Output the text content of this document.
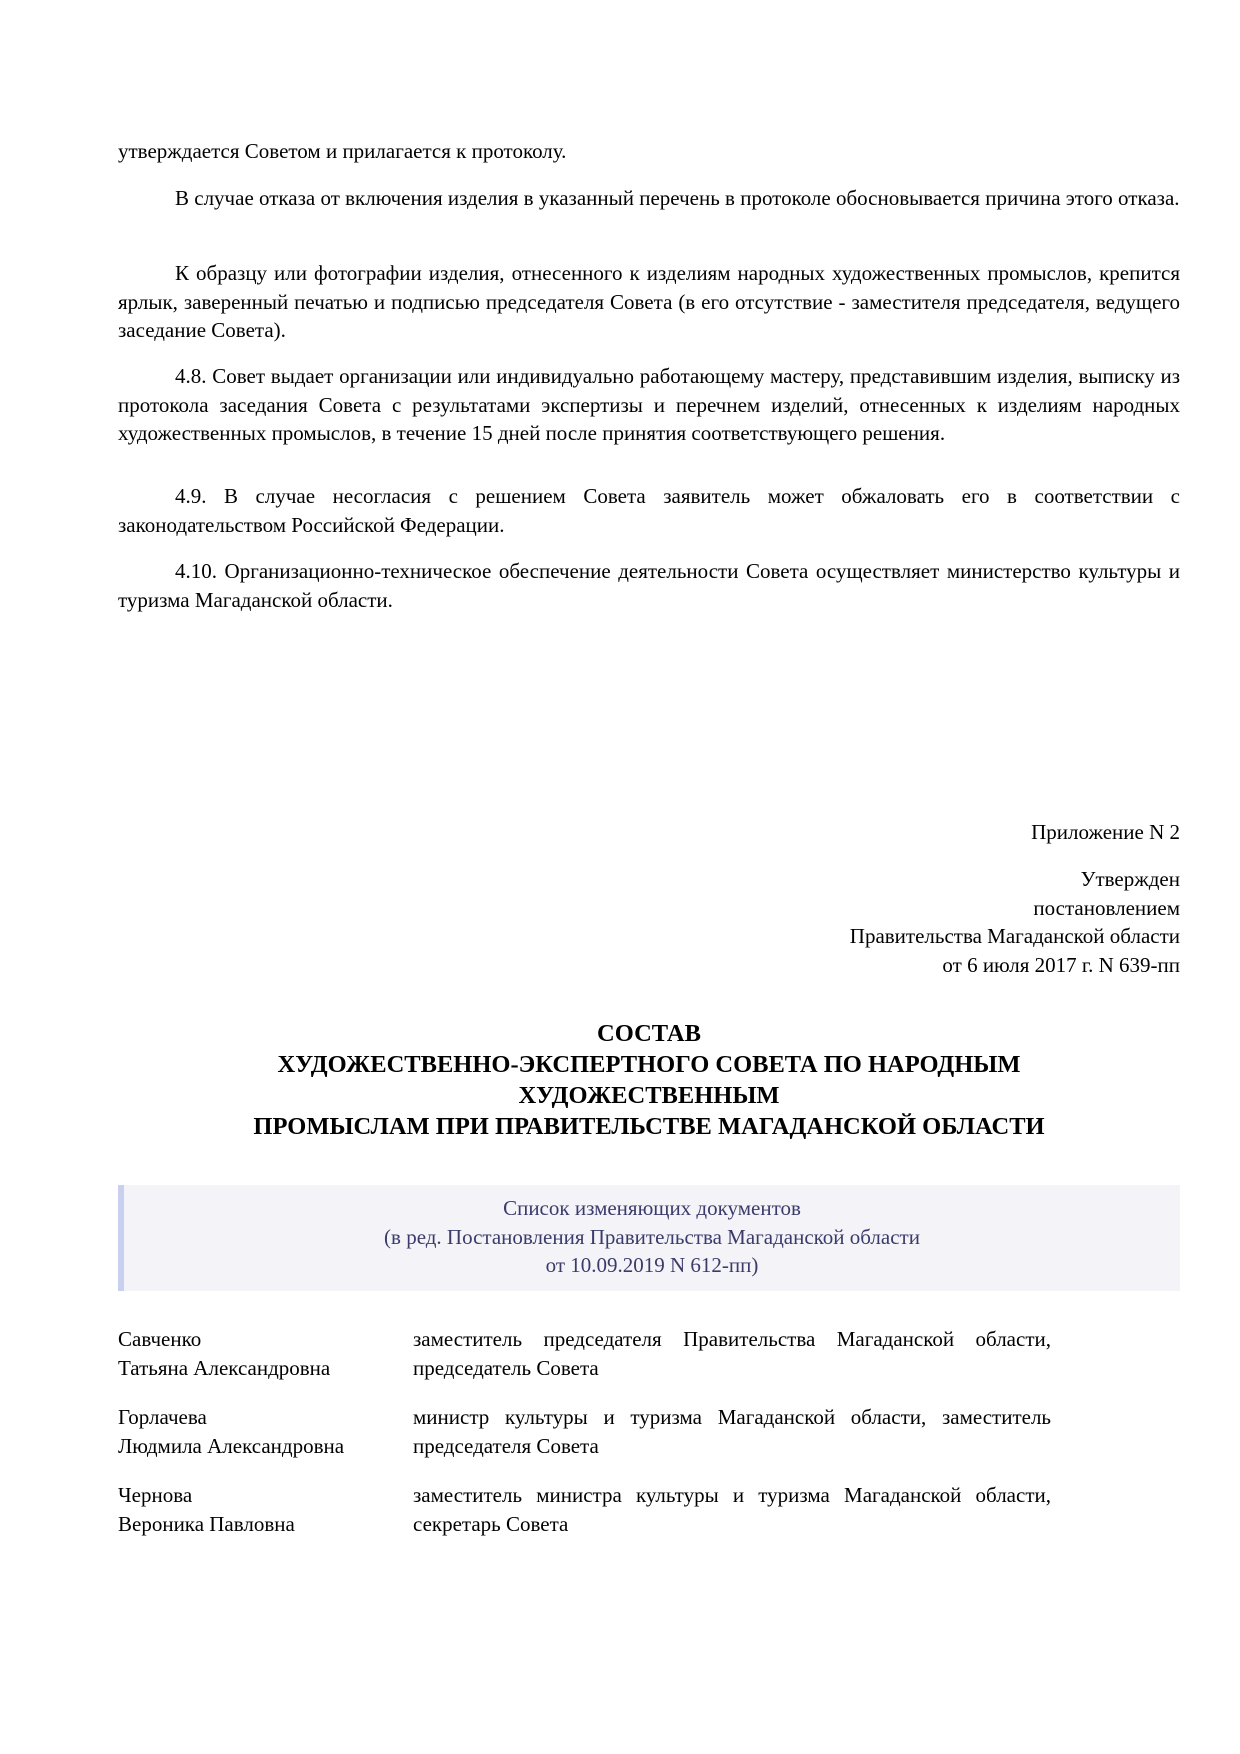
утверждается Советом и прилагается к протоколу.

В случае отказа от включения изделия в указанный перечень в протоколе обосновывается причина этого отказа.

К образцу или фотографии изделия, отнесенного к изделиям народных художественных промыслов, крепится ярлык, заверенный печатью и подписью председателя Совета (в его отсутствие - заместителя председателя, ведущего заседание Совета).

4.8. Совет выдает организации или индивидуально работающему мастеру, представившим изделия, выписку из протокола заседания Совета с результатами экспертизы и перечнем изделий, отнесенных к изделиям народных художественных промыслов, в течение 15 дней после принятия соответствующего решения.

4.9. В случае несогласия с решением Совета заявитель может обжаловать его в соответствии с законодательством Российской Федерации.

4.10. Организационно-техническое обеспечение деятельности Совета осуществляет министерство культуры и туризма Магаданской области.

Приложение N 2
Утвержден
постановлением
Правительства Магаданской области
от 6 июля 2017 г. N 639-пп
СОСТАВ
ХУДОЖЕСТВЕННО-ЭКСПЕРТНОГО СОВЕТА ПО НАРОДНЫМ
ХУДОЖЕСТВЕННЫМ
ПРОМЫСЛАМ ПРИ ПРАВИТЕЛЬСТВЕ МАГАДАНСКОЙ ОБЛАСТИ
Список изменяющих документов
(в ред. Постановления Правительства Магаданской области
от 10.09.2019 N 612-пп)
Савченко
Татьяна Александровна
заместитель председателя Правительства Магаданской области, председатель Совета
Горлачева
Людмила Александровна
министр культуры и туризма Магаданской области, заместитель председателя Совета
Чернова
Вероника Павловна
заместитель министра культуры и туризма Магаданской области, секретарь Совета
